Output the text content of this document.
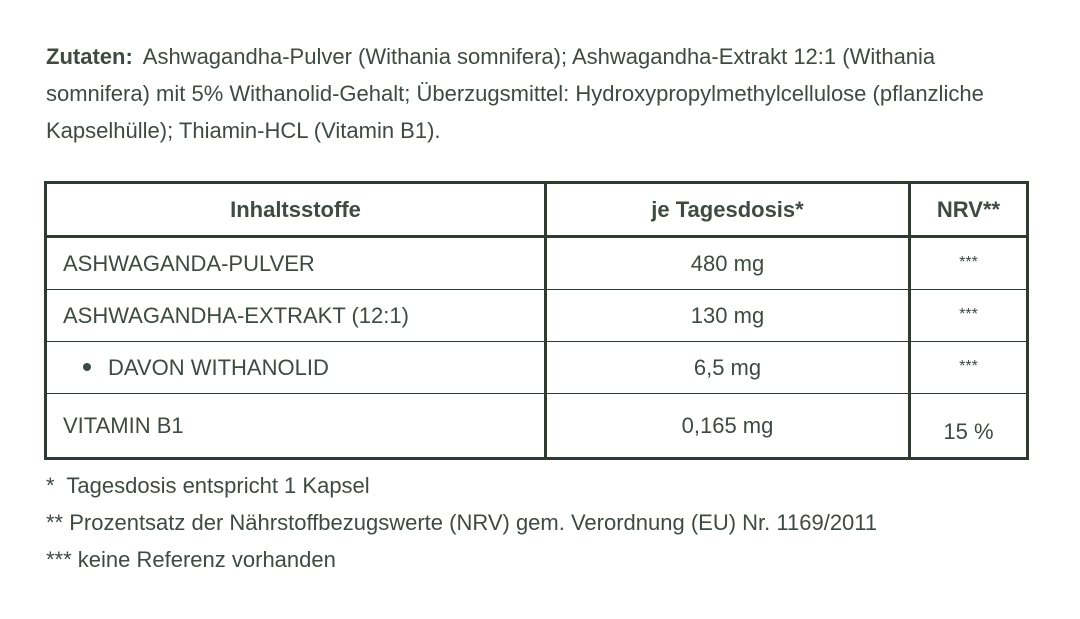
Zutaten: Ashwagandha-Pulver (Withania somnifera); Ashwagandha-Extrakt 12:1 (Withania somnifera) mit 5% Withanolid-Gehalt; Überzugsmittel: Hydroxypropylmethylcellulose (pflanzliche Kapselhülle); Thiamin-HCL (Vitamin B1).
Inhaltsstoffe	je Tagesdosis*	NRV**
ASHWAGANDA-PULVER	480 mg	***
ASHWAGANDHA-EXTRAKT (12:1)	130 mg	***
DAVON WITHANOLID	6,5 mg	***
VITAMIN B1	0,165 mg	15 %
*  Tagesdosis entspricht 1 Kapsel
** Prozentsatz der Nährstoffbezugswerte (NRV) gem. Verordnung (EU) Nr. 1169/2011
*** keine Referenz vorhanden
